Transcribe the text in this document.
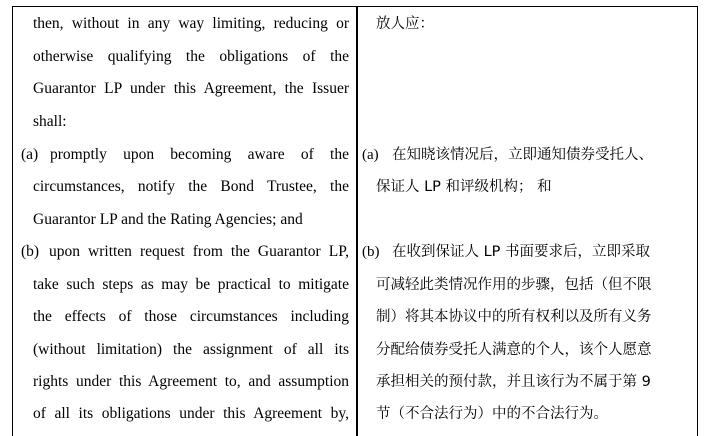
then, without in any way limiting, reducing or
otherwise qualifying the obligations of the
Guarantor LP under this Agreement, the Issuer
shall:
(a) promptly upon becoming aware of the
circumstances, notify the Bond Trustee, the
Guarantor LP and the Rating Agencies; and
(b) upon written request from the Guarantor LP,
take such steps as may be practical to mitigate
the effects of those circumstances including
(without limitation) the assignment of all its
rights under this Agreement to, and assumption
of all its obligations under this Agreement by,
放人应：
(a) 在知晓该情况后，立即通知债券受托人、
保证人 LP 和评级机构； 和
(b) 在收到保证人 LP 书面要求后，立即采取
可减轻此类情况作用的步骤，包括（但不限
制）将其本协议中的所有权利以及所有义务
分配给债券受托人满意的个人，该个人愿意
承担相关的预付款，并且该行为不属于第 9
节（不合法行为）中的不合法行为。
